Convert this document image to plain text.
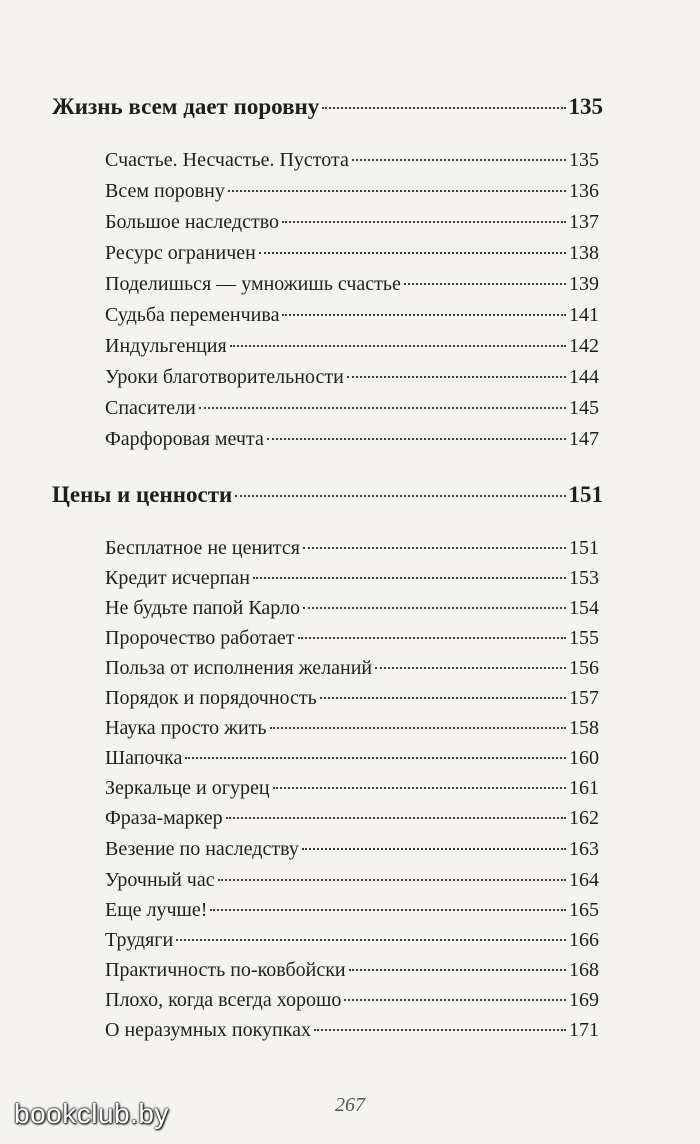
Жизнь всем дает поровну	135
Счастье. Несчастье. Пустота	135
Всем поровну	136
Большое наследство	137
Ресурс ограничен	138
Поделишься — умножишь счастье	139
Судьба переменчива	141
Индульгенция	142
Уроки благотворительности	144
Спасители	145
Фарфоровая мечта	147
Цены и ценности	151
Бесплатное не ценится	151
Кредит исчерпан	153
Не будьте папой Карло	154
Пророчество работает	155
Польза от исполнения желаний	156
Порядок и порядочность	157
Наука просто жить	158
Шапочка	160
Зеркальце и огурец	161
Фраза-маркер	162
Везение по наследству	163
Урочный час	164
Еще лучше!	165
Трудяги	166
Практичность по-ковбойски	168
Плохо, когда всегда хорошо	169
О неразумных покупках	171
267
bookclub.by
